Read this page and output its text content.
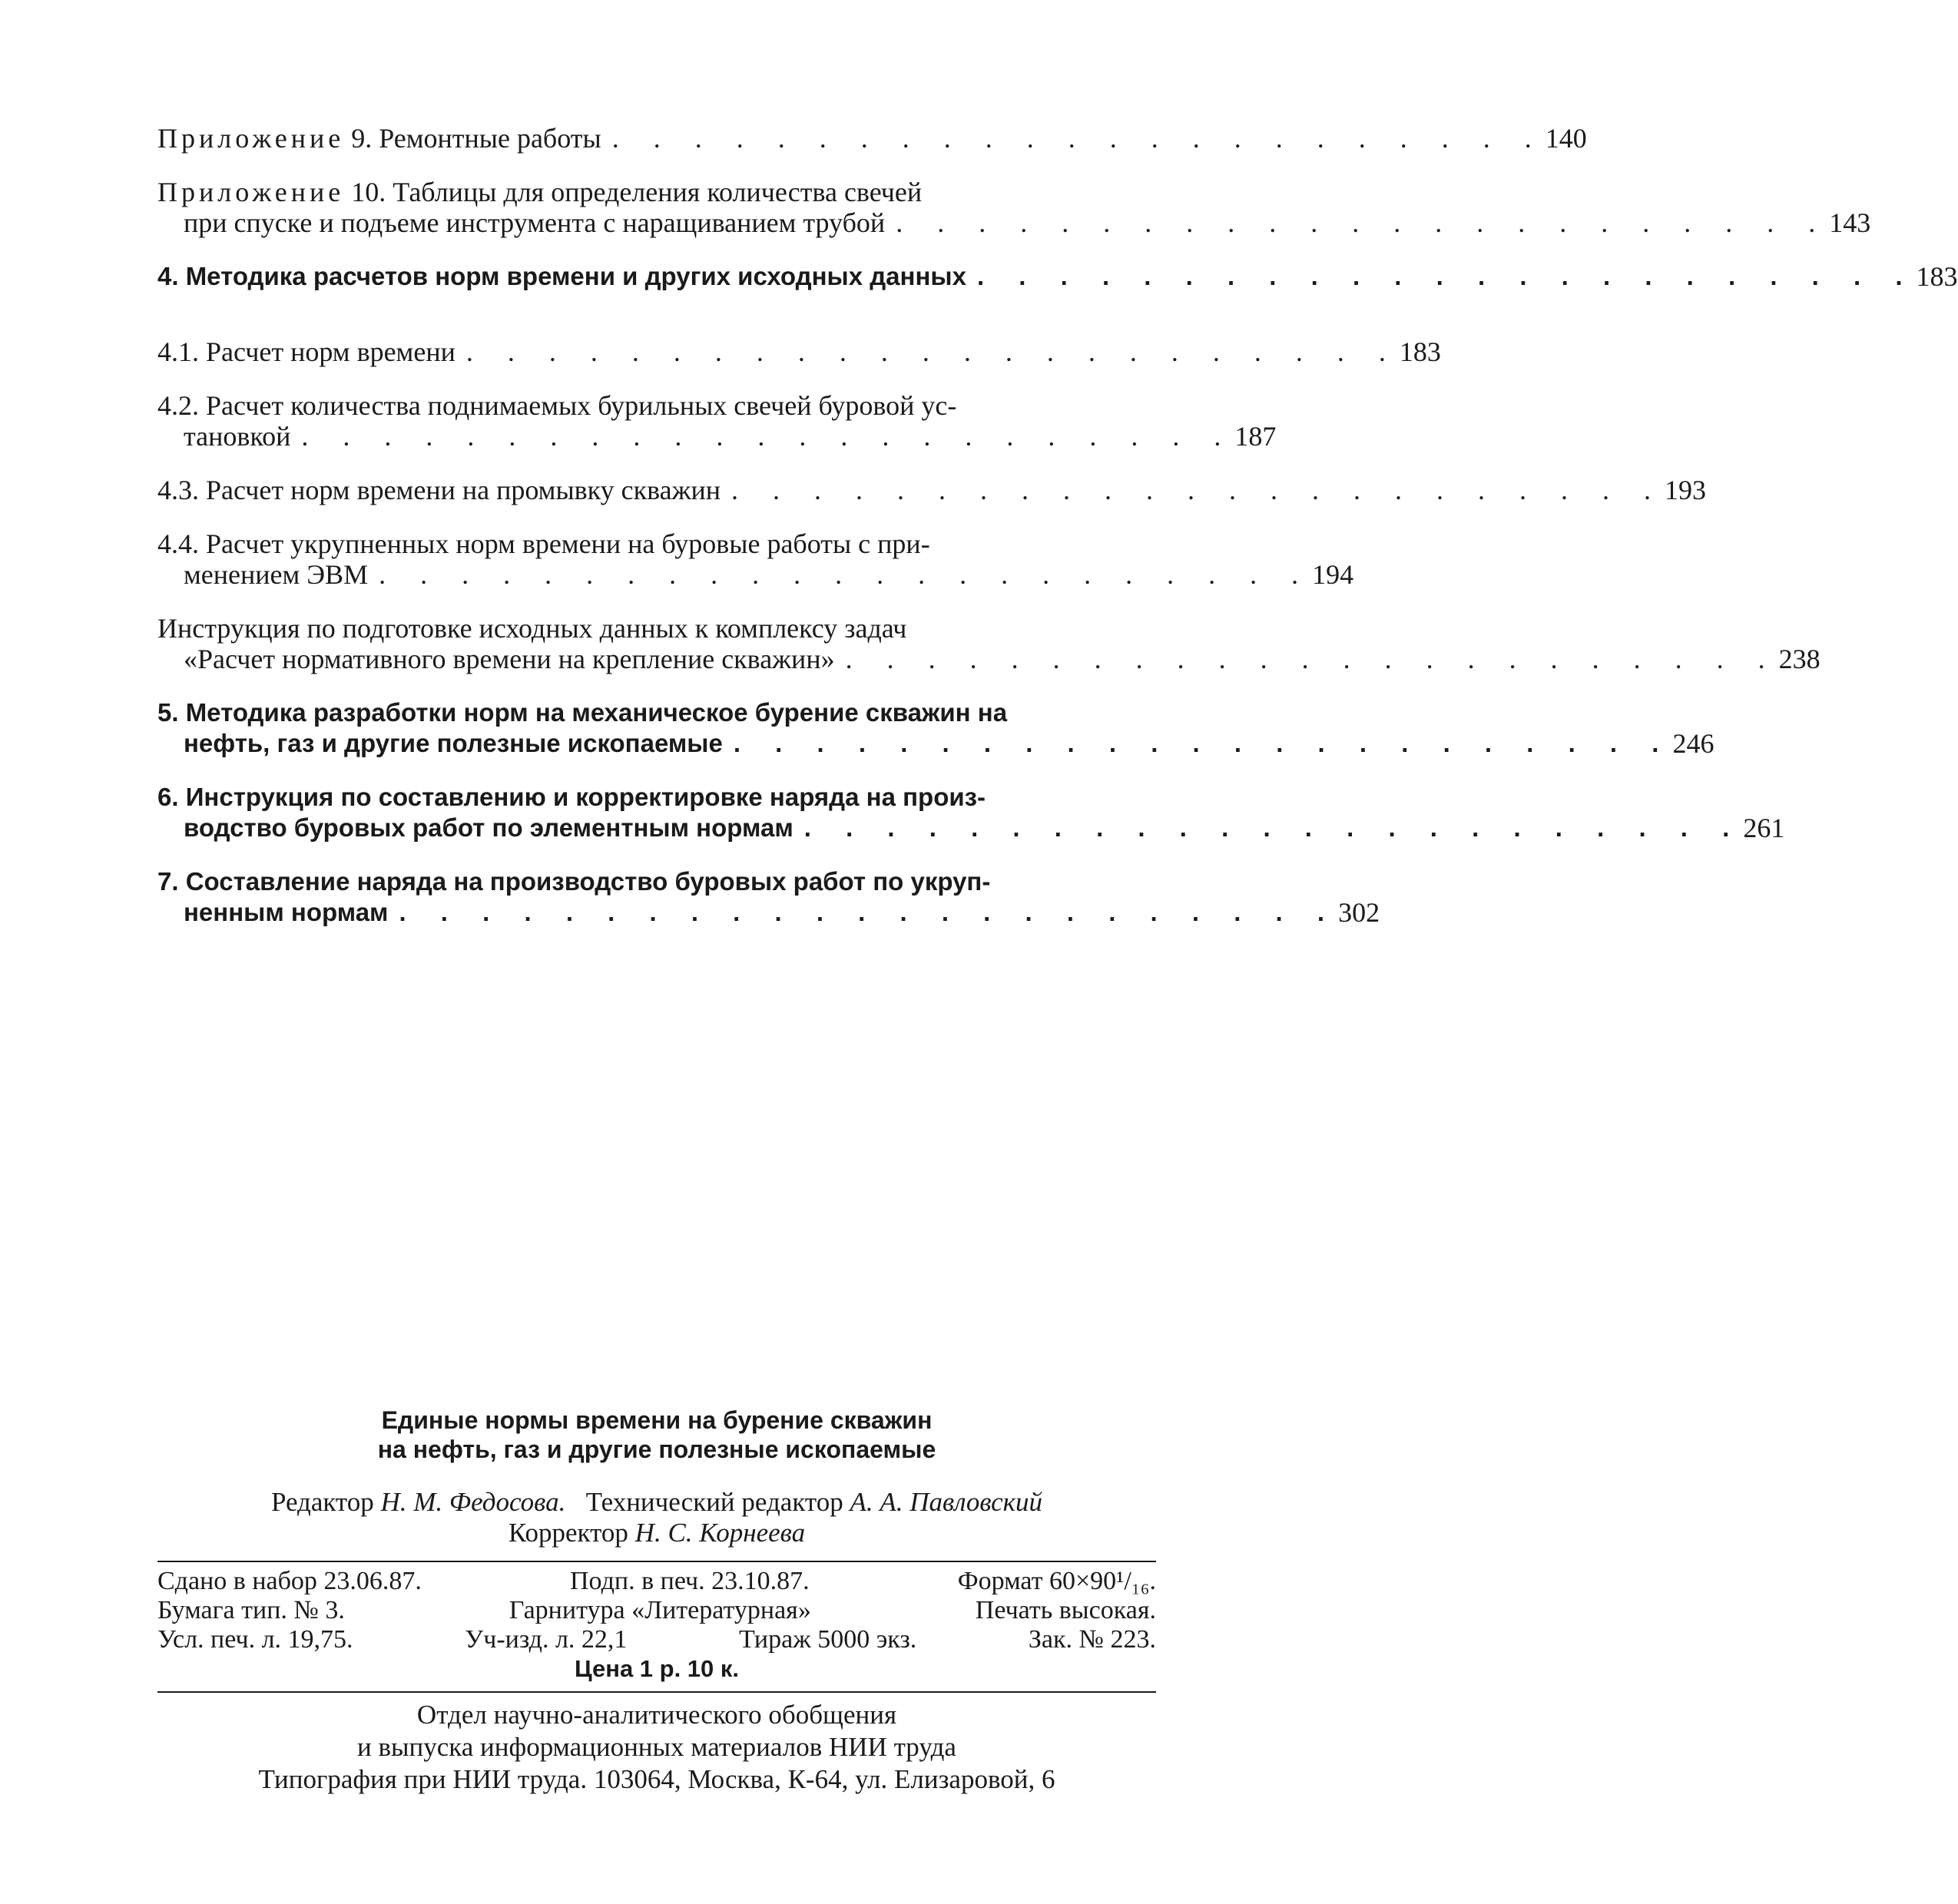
Приложение 9. Ремонтные работы . . . . . . . . . . . . . . . . . . . . . . . 140
Приложение 10. Таблицы для определения количества свечей
при спуске и подъеме инструмента с наращиванием трубой . . . . . . . . . . . . . . . . . . . . . . . 143
4. Методика расчетов норм времени и других исходных данных . . . . . . . . . . . . . . . . . . . . . . . 183
4.1. Расчет норм времени . . . . . . . . . . . . . . . . . . . . . . . 183
4.2. Расчет количества поднимаемых бурильных свечей буровой ус-
тановкой . . . . . . . . . . . . . . . . . . . . . . . 187
4.3. Расчет норм времени на промывку скважин . . . . . . . . . . . . . . . . . . . . . . . 193
4.4. Расчет укрупненных норм времени на буровые работы с при-
менением ЭВМ . . . . . . . . . . . . . . . . . . . . . . . 194
Инструкция по подготовке исходных данных к комплексу задач
«Расчет нормативного времени на крепление скважин» . . . . . . . . . . . . . . . . . . . . . . . 238
5. Методика разработки норм на механическое бурение скважин на
нефть, газ и другие полезные ископаемые . . . . . . . . . . . . . . . . . . . . . . . 246
6. Инструкция по составлению и корректировке наряда на произ-
водство буровых работ по элементным нормам . . . . . . . . . . . . . . . . . . . . . . . 261
7. Составление наряда на производство буровых работ по укруп-
ненным нормам . . . . . . . . . . . . . . . . . . . . . . . 302
Единые нормы времени на бурение скважин
на нефть, газ и другие полезные ископаемые
Редактор Н. М. Федосова. Технический редактор А. А. Павловский
Корректор Н. С. Корнеева
Сдано в набор 23.06.87.	Подп. в печ. 23.10.87.	Формат 60×90¹/₁₆.
Бумага тип. № 3.	Гарнитура «Литературная»	Печать высокая.
Усл. печ. л. 19,75.	Уч-изд. л. 22,1	Тираж 5000 экз.	Зак. № 223.
Цена 1 р. 10 к.
Отдел научно-аналитического обобщения
и выпуска информационных материалов НИИ труда
Типография при НИИ труда. 103064, Москва, К-64, ул. Елизаровой, 6
